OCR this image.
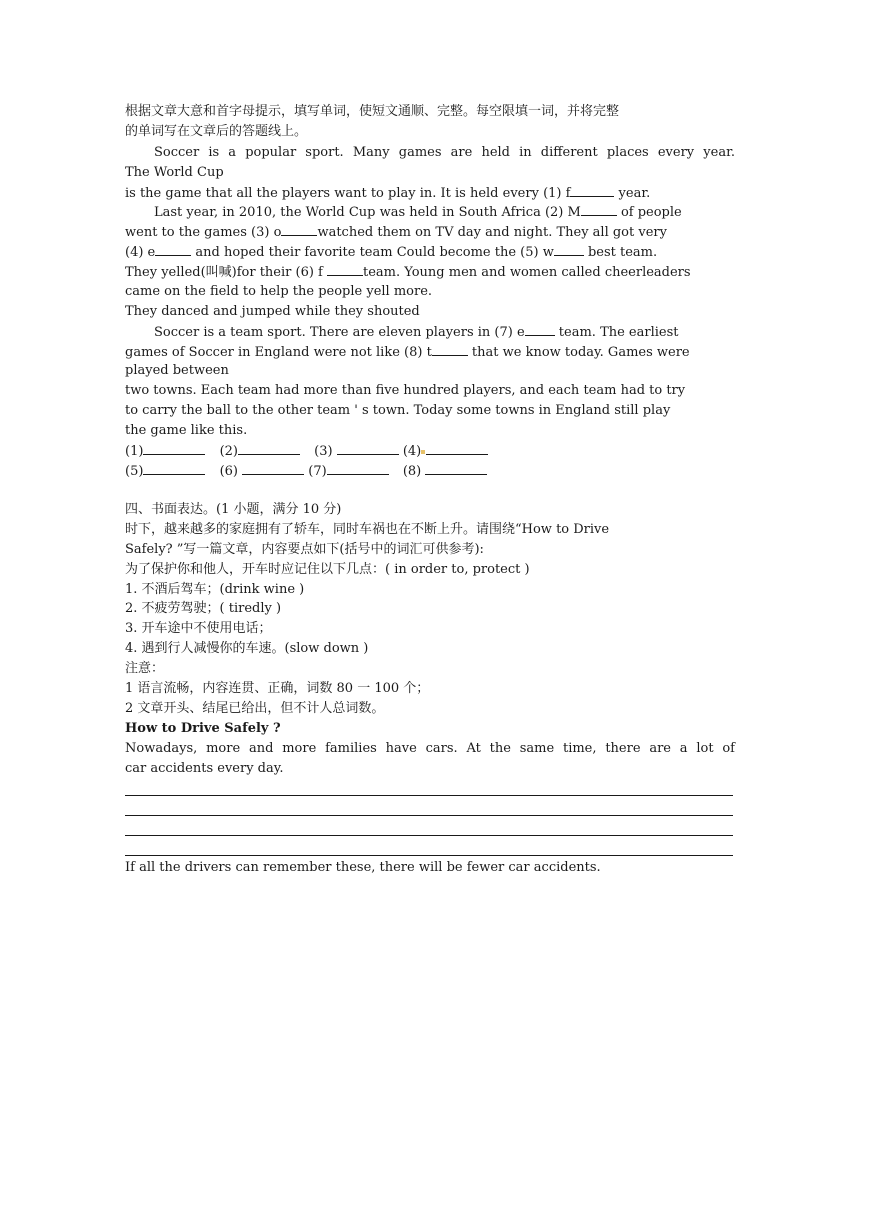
根据文章大意和首字母提示，填写单词，使短文通顺、完整。每空限填一词，并将完整
的单词写在文章后的答题线上。
Soccer is a popular sport. Many games are held in different places every year.
The World Cup
is the game that all the players want to play in. It is held every (1) f	year.
Last year, in 2010, the World Cup was held in South Africa (2) M	of people
went to the games (3) o	watched them on TV day and night. They all got very
(4) e	and hoped their favorite team Could become the (5) w best team.
They yelled(叫喊)for their (6) f	team. Young men and women called cheerleaders
came on the field to help the people yell more.
They danced and jumped while they shouted
Soccer is a team sport. There are eleven players in (7) e team. The earliest
games of Soccer in England were not like (8) t	that we know today. Games were
played between
two towns. Each team had more than five hundred players, and each team had to try
to carry the ball to the other team ' s town. Today some towns in England still play
the game like this.
(1)	(2)	(3)	(4)
(5)	(6)	(7)	(8)
四、书面表达。(1 小题，满分 10 分)
时下，越来越多的家庭拥有了轿车，同时车祸也在不断上升。请围绕“How to Drive
Safely? ”写一篇文章，内容要点如下(括号中的词汇可供参考):
为了保护你和他人，开车时应记住以下几点：( in order to, protect )
1. 不酒后驾车；(drink wine )
2. 不疲劳驾驶；( tiredly )
3. 开车途中不使用电话；
4. 遇到行人减慢你的车速。(slow down )
注意：
1 语言流畅，内容连贯、正确，词数 80 一 100 个；
2 文章开头、结尾已给出，但不计人总词数。
How to Drive Safely ?
Nowadays, more and more families have cars. At the same time, there are a lot of
car accidents every day.
If all the drivers can remember these, there will be fewer car accidents.
